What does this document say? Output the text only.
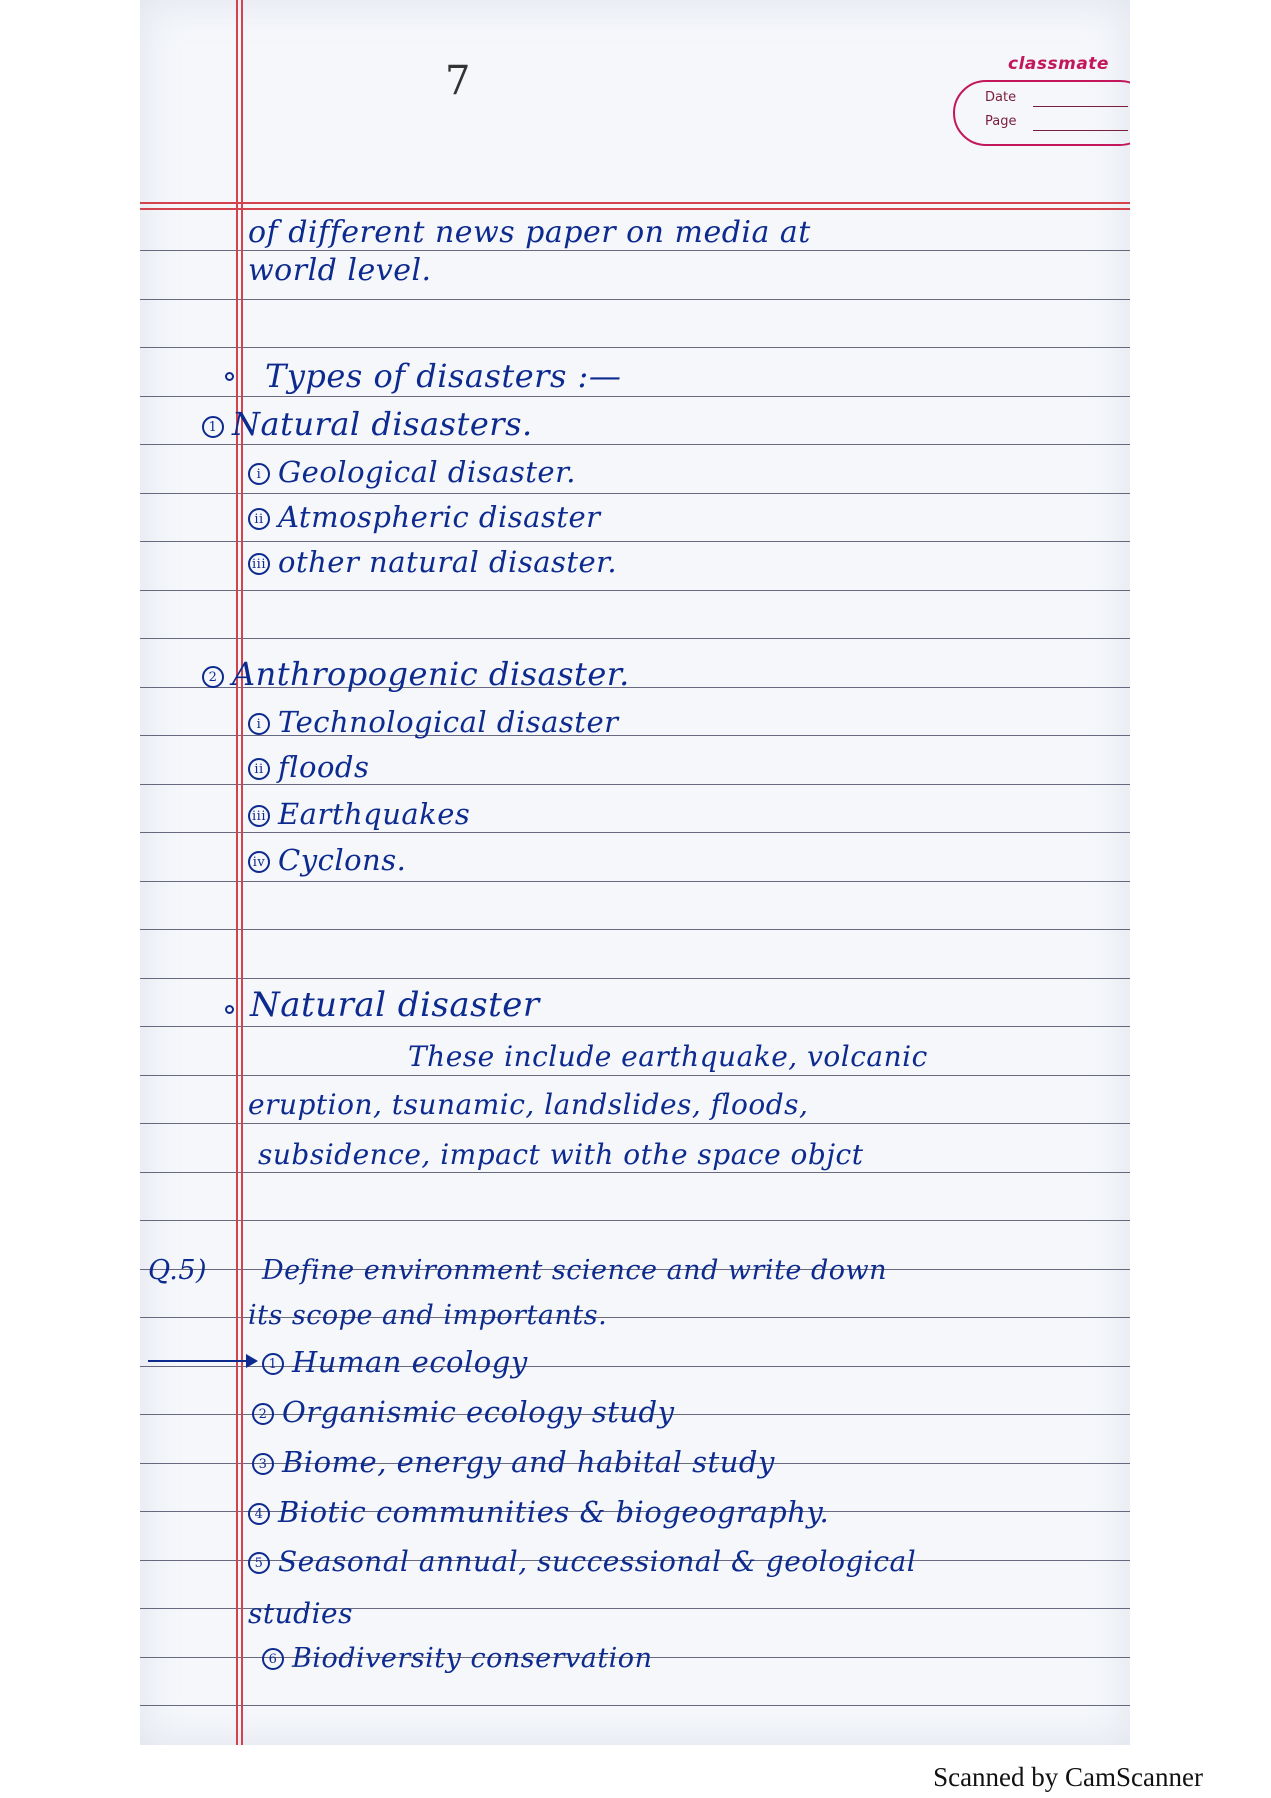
classmate
Date
Page
7
of different news paper on media at
world level.
Types of disasters :—
1 Natural disasters.
i Geological disaster.
ii Atmospheric disaster
iii other natural disaster.
2 Anthropogenic disaster.
i Technological disaster
ii floods
iii Earthquakes
iv Cyclons.
Natural disaster
These include earthquake, volcanic
eruption, tsunamic, landslides, floods,
subsidence, impact with othe space objct
Q.5) Define environment science and write down
its scope and importants.
1 Human ecology
2 Organismic ecology study
3 Biome, energy and habital study
4 Biotic communities & biogeography.
5 Seasonal annual, successional & geological
studies
6 Biodiversity conservation
Scanned by CamScanner
